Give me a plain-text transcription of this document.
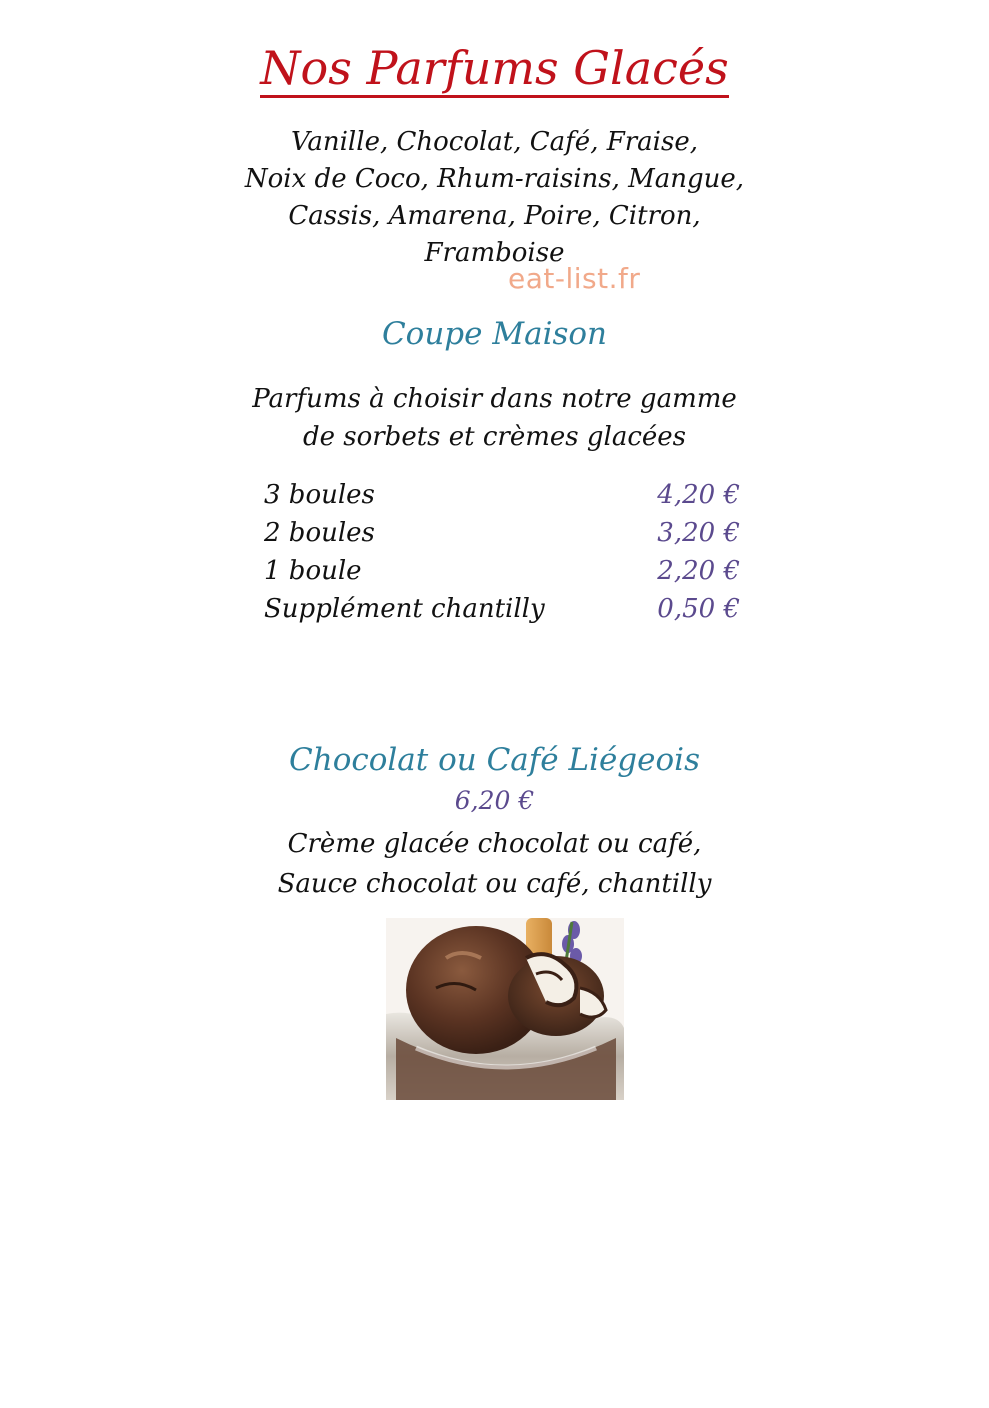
Nos Parfums Glacés
Vanille, Chocolat, Café, Fraise,
Noix de Coco, Rhum-raisins, Mangue,
Cassis, Amarena, Poire, Citron,
Framboise
eat-list.fr
Coupe Maison
Parfums à choisir dans notre gamme
de sorbets et crèmes glacées
3 boules	4,20 €
2 boules	3,20 €
1 boule	2,20 €
Supplément chantilly	0,50 €
Chocolat ou Café Liégeois
6,20 €
Crème glacée chocolat ou café,
Sauce chocolat ou café, chantilly
